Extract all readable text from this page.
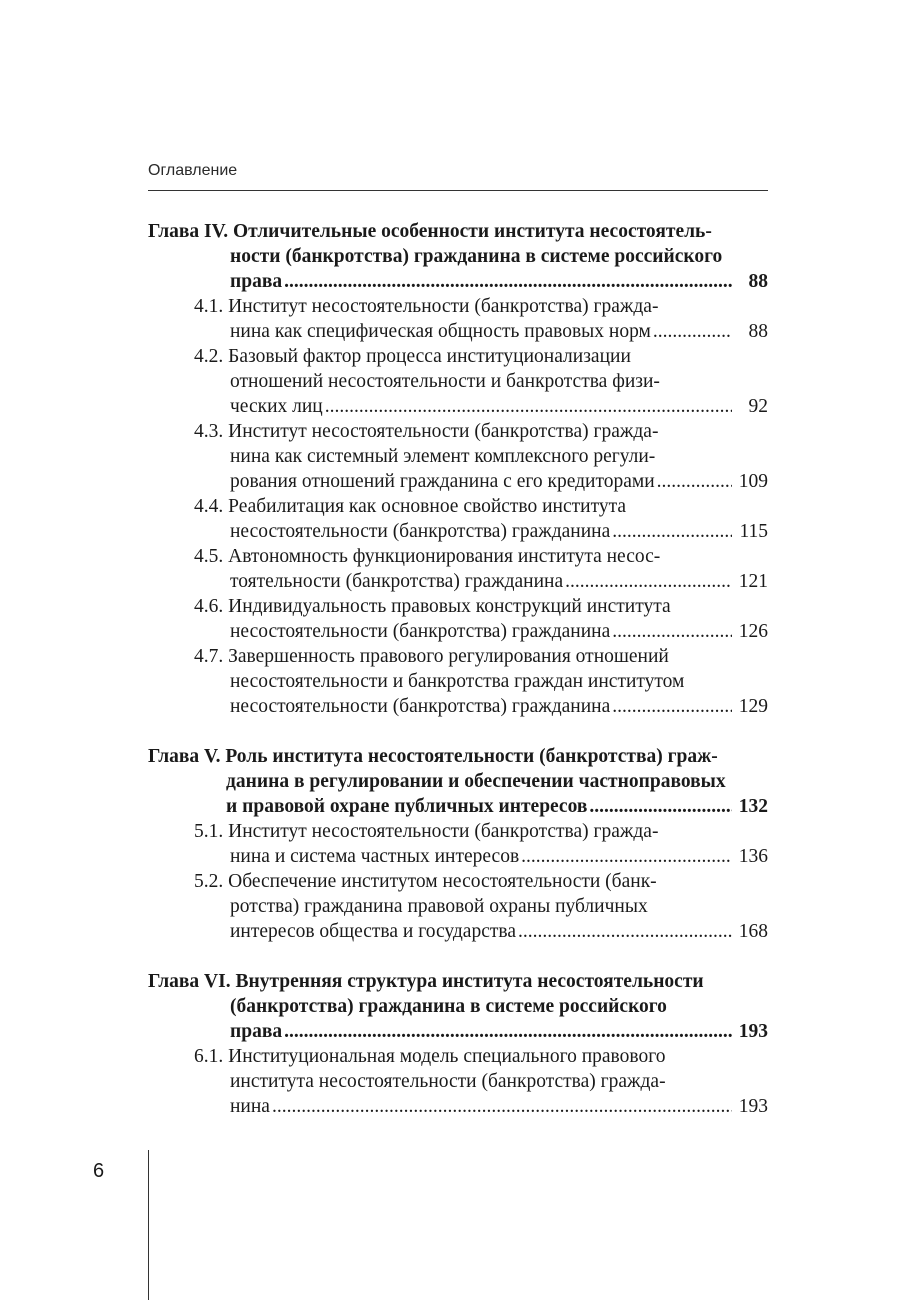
Оглавление
Глава IV. Отличительные особенности института несостоятель-
ности (банкротства) гражданина в системе российского
права .....	88
4.1. Институт несостоятельности (банкротства) гражда-
нина как специфическая общность правовых норм .....	88
4.2. Базовый фактор процесса институционализации
отношений несостоятельности и банкротства физи-
ческих лиц .....	92
4.3. Институт несостоятельности (банкротства) гражда-
нина как системный элемент комплексного регули-
рования отношений гражданина с его кредиторами .....	109
4.4. Реабилитация как основное свойство института
несостоятельности (банкротства) гражданина .....	115
4.5. Автономность функционирования института несос-
тоятельности (банкротства) гражданина .....	121
4.6. Индивидуальность правовых конструкций института
несостоятельности (банкротства) гражданина .....	126
4.7. Завершенность правового регулирования отношений
несостоятельности и банкротства граждан институтом
несостоятельности (банкротства) гражданина .....	129
Глава V. Роль института несостоятельности (банкротства) граж-
данина в регулировании и обеспечении частноправовых
и правовой охране публичных интересов .....	132
5.1. Институт несостоятельности (банкротства) гражда-
нина и система частных интересов .....	136
5.2. Обеспечение институтом несостоятельности (банк-
ротства) гражданина правовой охраны публичных
интересов общества и государства .....	168
Глава VI. Внутренняя структура института несостоятельности
(банкротства) гражданина в системе российского
права .....	193
6.1. Институциональная модель специального правового
института несостоятельности (банкротства) гражда-
нина .....	193
6
